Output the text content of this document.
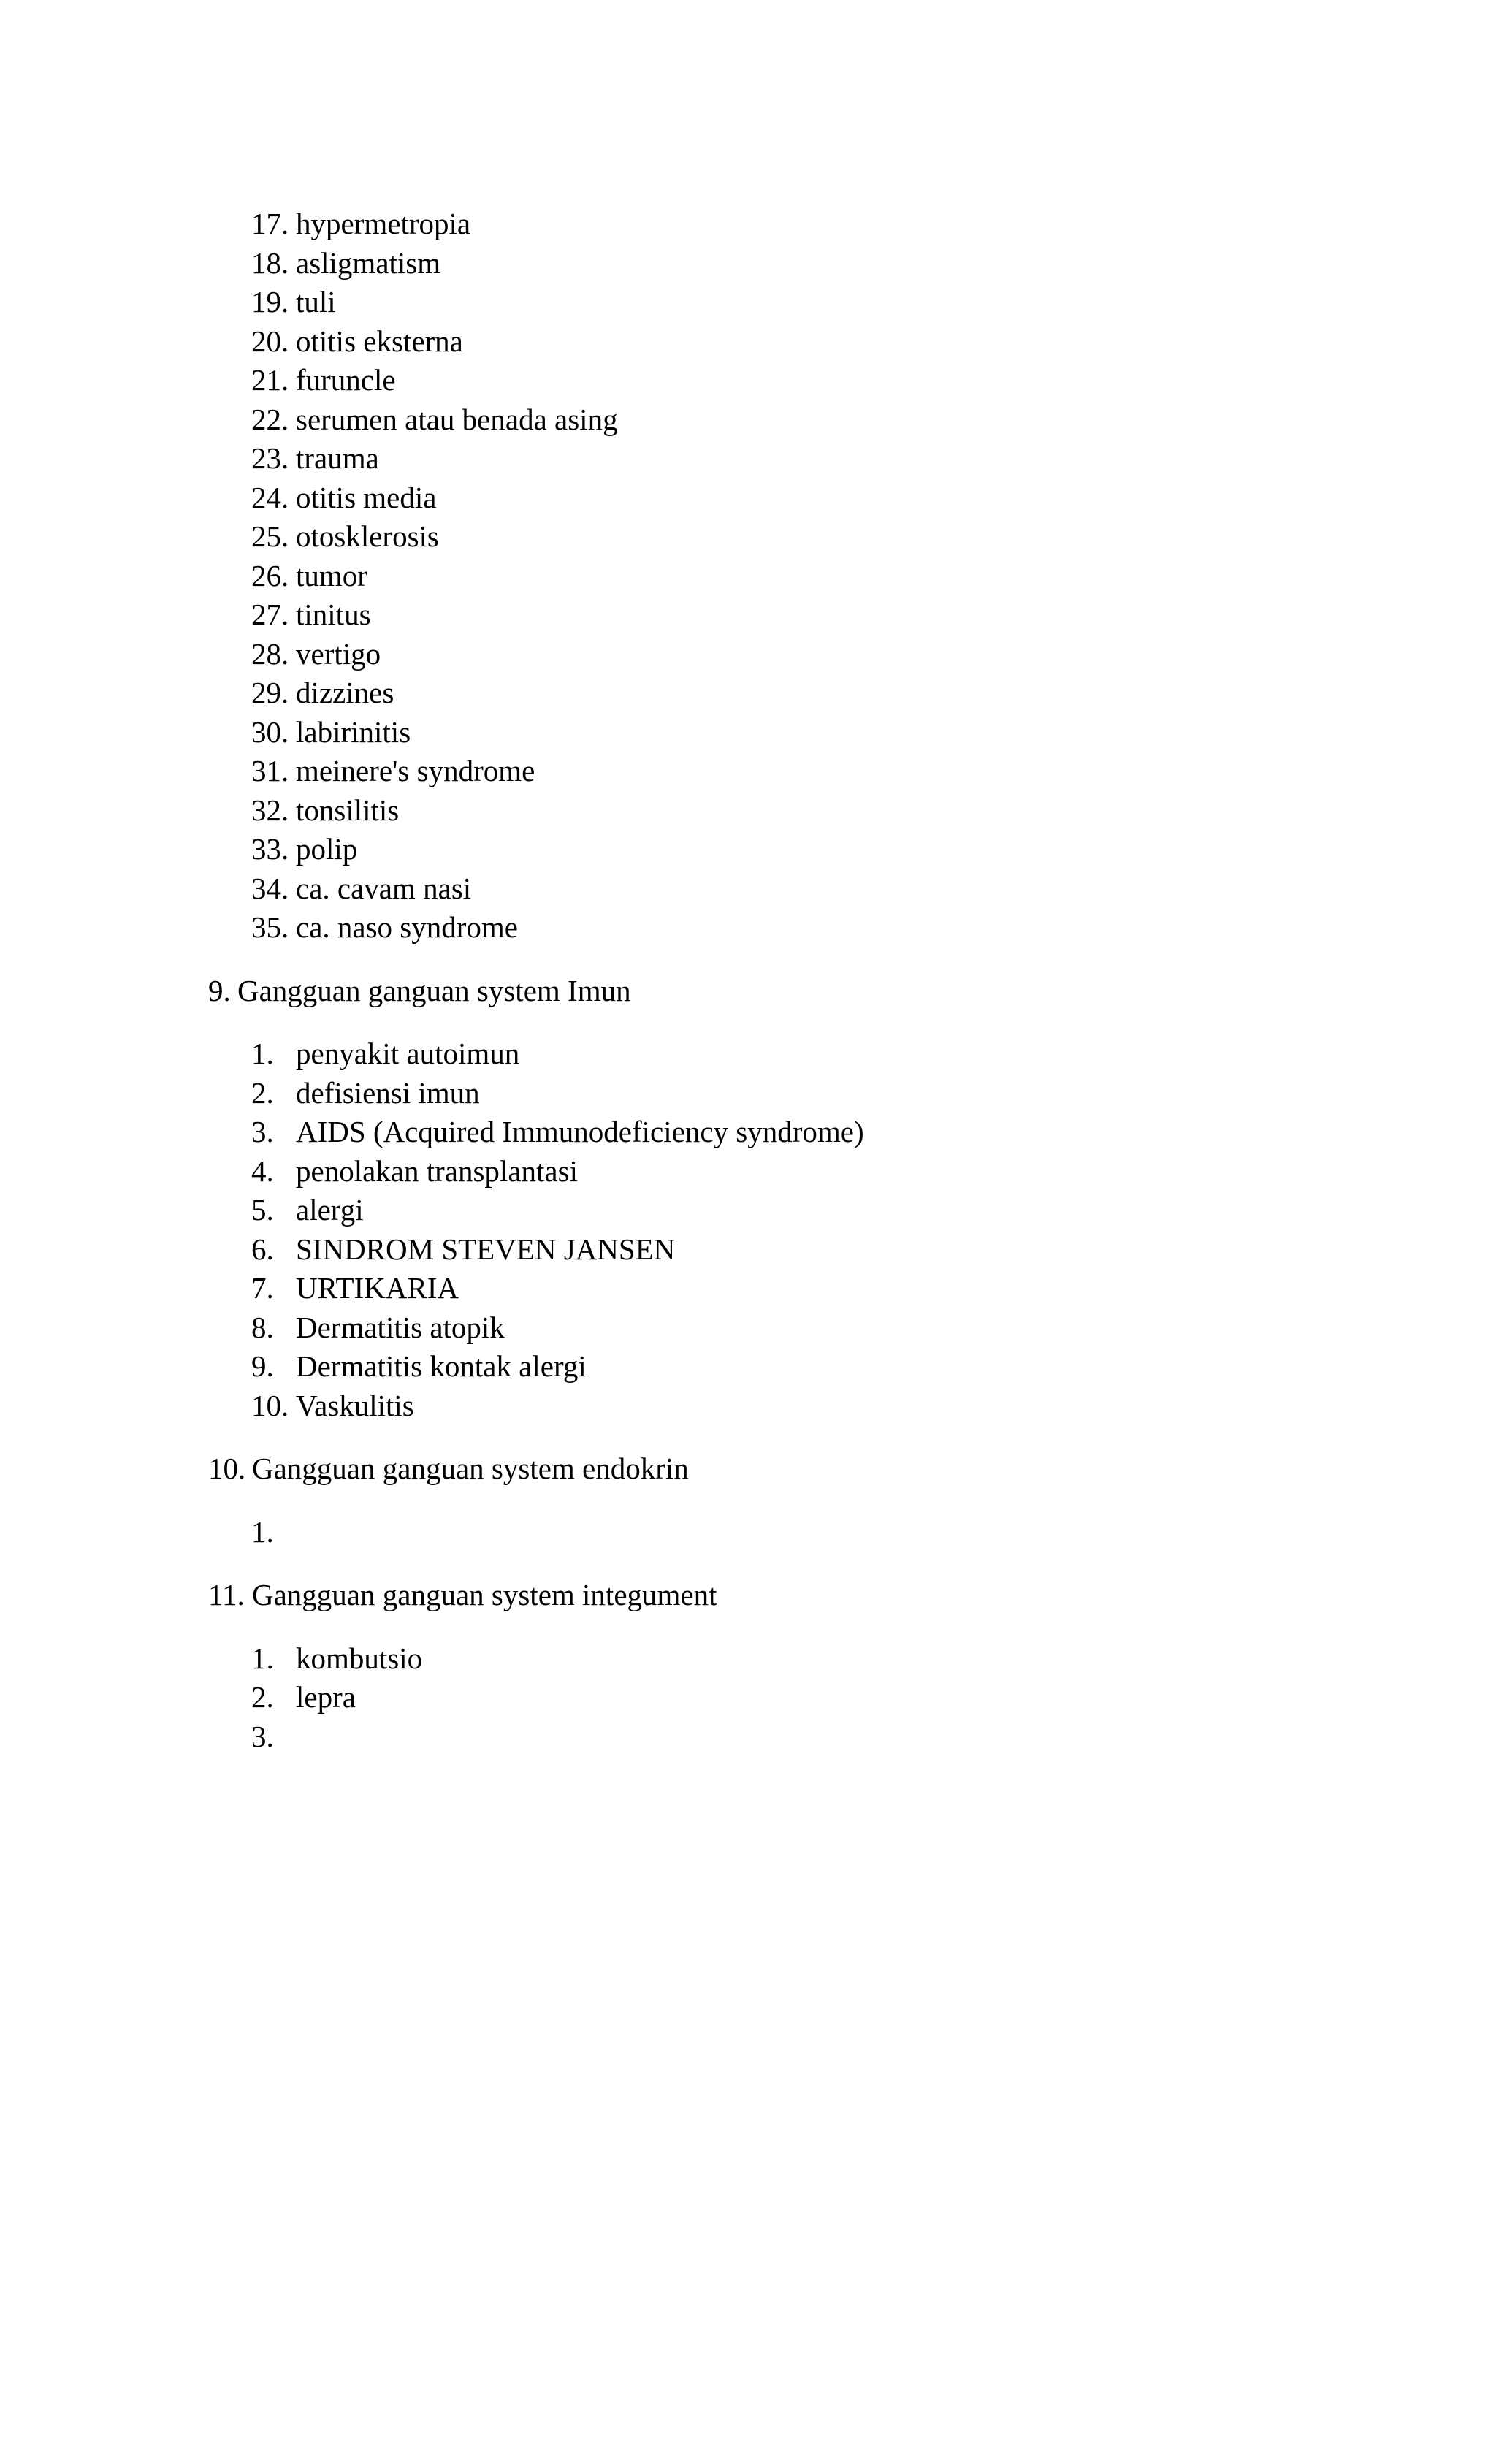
17. hypermetropia
18. asligmatism
19. tuli
20. otitis eksterna
21. furuncle
22. serumen atau benada asing
23. trauma
24. otitis media
25. otosklerosis
26. tumor
27. tinitus
28. vertigo
29. dizzines
30. labirinitis
31. meinere's syndrome
32. tonsilitis
33. polip
34. ca. cavam nasi
35. ca. naso syndrome
9. Gangguan ganguan system Imun
1. penyakit autoimun
2. defisiensi imun
3. AIDS (Acquired Immunodeficiency syndrome)
4. penolakan transplantasi
5. alergi
6. SINDROM STEVEN JANSEN
7. URTIKARIA
8. Dermatitis atopik
9. Dermatitis kontak alergi
10. Vaskulitis
10. Gangguan ganguan system endokrin
1.
11. Gangguan ganguan system integument
1. kombutsio
2. lepra
3.
